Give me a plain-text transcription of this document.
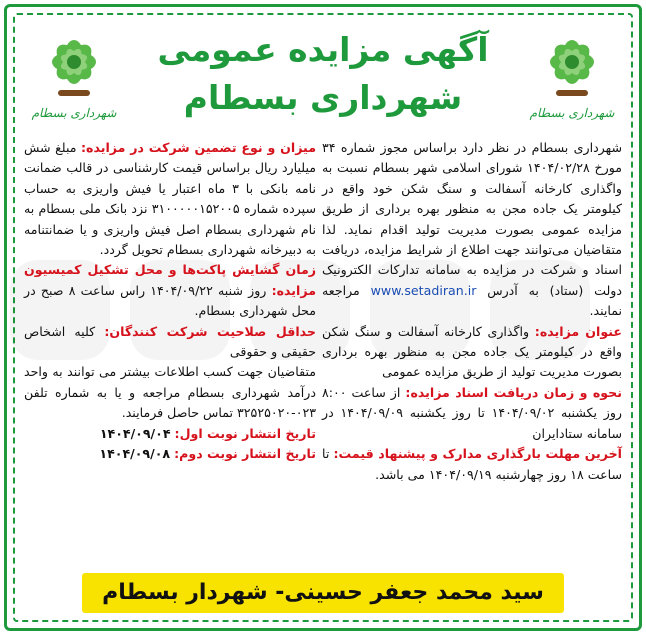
شهرداری بسطام	شهرداری بسطام
آگهی مزایده عمومی
شهرداری بسطام

شهرداری بسطام در نظر دارد براساس مجوز شماره ۳۴ مورخ ۱۴۰۴/۰۲/۲۸ شورای اسلامی شهر بسطام نسبت به واگذاری کارخانه آسفالت و سنگ شکن خود واقع در کیلومتر یک جاده مجن به منظور بهره برداری از طریق مزایده عمومی بصورت مدیریت تولید اقدام نماید. لذا متقاضیان می‌توانند جهت اطلاع از شرایط مزایده، دریافت اسناد و شرکت در مزایده به سامانه تدارکات الکترونیک دولت (ستاد) به آدرس www.setadiran.ir مراجعه نمایند.

عنوان مزایده: واگذاری کارخانه آسفالت و سنگ شکن واقع در کیلومتر یک جاده مجن به منظور بهره برداری بصورت مدیریت تولید از طریق مزایده عمومی

نحوه و زمان دریافت اسناد مزایده: از ساعت ۸:۰۰ روز یکشنبه ۱۴۰۴/۰۹/۰۲ تا روز یکشنبه ۱۴۰۴/۰۹/۰۹ در سامانه ستادایران

آخرین مهلت بارگذاری مدارک و پیشنهاد قیمت: تا ساعت ۱۸ روز چهارشنبه ۱۴۰۴/۰۹/۱۹ می باشد.

میزان و نوع تضمین شرکت در مزایده: مبلغ شش میلیارد ریال براساس قیمت کارشناسی در قالب ضمانت نامه بانکی با ۳ ماه اعتبار یا فیش واریزی به حساب سپرده شماره ۳۱۰۰۰۰۰۱۵۲۰۰۵ نزد بانک ملی بسطام به نام شهرداری بسطام اصل فیش واریزی و یا ضمانتنامه به دبیرخانه شهرداری بسطام تحویل گردد.

زمان گشایش پاکت‌ها و محل تشکیل کمیسیون مزایده: روز شنبه ۱۴۰۴/۰۹/۲۲ راس ساعت ۸ صبح در محل شهرداری بسطام.

حداقل صلاحیت شرکت کنندگان: کلیه اشخاص حقیقی و حقوقی

متقاضیان جهت کسب اطلاعات بیشتر می توانند به واحد درآمد شهرداری بسطام مراجعه و یا به شماره تلفن ۰۲۳-۳۲۵۲۵۰۲۰ تماس حاصل فرمایند.

تاریخ انتشار نوبت اول: ۱۴۰۴/۰۹/۰۴

تاریخ انتشار نوبت دوم: ۱۴۰۴/۰۹/۰۸

سید محمد جعفر حسینی- شهردار بسطام
